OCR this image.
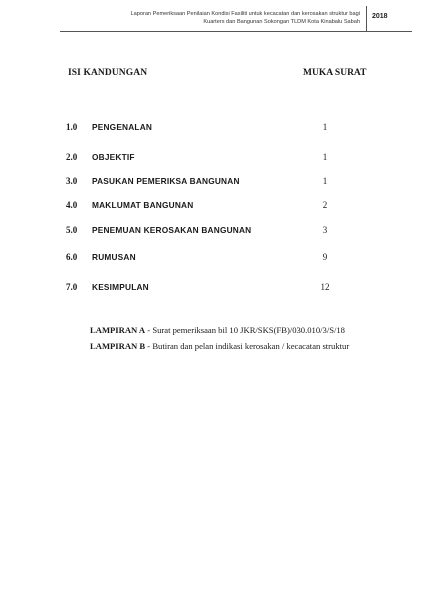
Laporan Pemeriksaan Penilaian Kondisi Fasiliti untuk kecacatan dan kerosakan struktur bagi
Kuarters dan Bangunan Sokongan TLDM Kota Kinabalu Sabah
2018
ISI KANDUNGAN	MUKA SURAT
1.0 PENGENALAN	1
2.0 OBJEKTIF	1
3.0 PASUKAN PEMERIKSA BANGUNAN	1
4.0 MAKLUMAT BANGUNAN	2
5.0 PENEMUAN KEROSAKAN BANGUNAN	3
6.0 RUMUSAN	9
7.0 KESIMPULAN	12
LAMPIRAN A - Surat pemeriksaan bil 10 JKR/SKS(FB)/030.010/3/S/18
LAMPIRAN B - Butiran dan pelan indikasi kerosakan / kecacatan struktur
